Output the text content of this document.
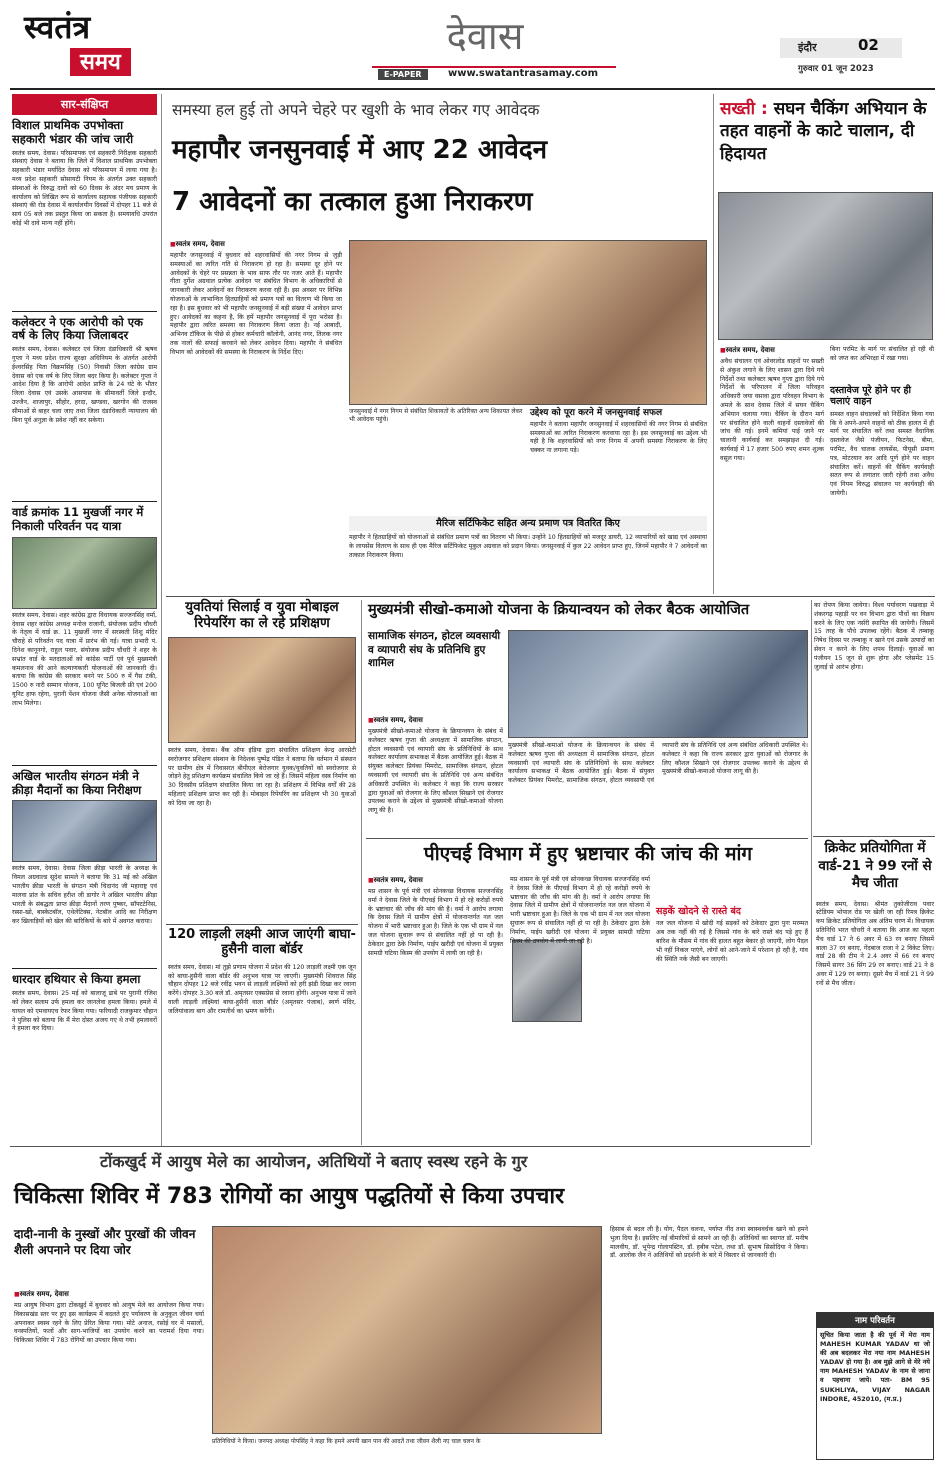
स्वतंत्र
समय
देवास
E-PAPER	www.swatantrasamay.com
इंदौर	02
गुरुवार 01 जून 2023
सार-संक्षिप्त
विशाल प्राथमिक उपभोक्ता सहकारी भंडार की जांच जारी
स्वतंत्र समय, देवास। परिसमापक एवं सहकारी निरीक्षक सहकारी संस्थाएं देवास ने बताया कि जिले में विशाल प्राथमिक उपभोक्ता सहकारी भंडार मर्यादित देवास को परिसमापन में लाया गया है। मध्य प्रदेश सहकारी सोसायटी नियम के अंतर्गत उक्त सहकारी संस्थाओं के विरुद्ध दावों को 60 दिवस के अंदर मय प्रमाण के कार्यालय को लिखित रूप से कार्यालय सहायक पंजीयक सहकारी संस्थाएं की रोड देवास में कार्यालयीन दिवसों में दोपहर 11 बजे से सायं 05 बजे तक प्रस्तुत किया जा सकता है। समयावधि उपरांत कोई भी दावे मान्य नहीं होंगे।
कलेक्टर ने एक आरोपी को एक वर्ष के लिए किया जिलाबदर
स्वतंत्र समय, देवास। कलेक्टर एवं जिला दंडाधिकारी श्री ऋषव गुप्ता ने मध्य प्रदेश राज्य सुरक्षा अधिनियम के अंतर्गत आरोपी ईश्वरसिंह पिता विक्रमसिंह (50) निवासी जिला कांग्रेस ग्राम देवास को एक वर्ष के लिए जिला बदर किया है। कलेक्टर गुप्ता ने आदेश दिया है कि आरोपी आदेश प्राप्ति के 24 घंटे के भीतर जिला देवास एवं उसके आसपास के सीमावर्ती जिले इन्दौर, उज्जैन, शाजापुर, सीहोर, हरदा, खण्डवा, खरगोन की राजस्व सीमाओं से बाहर चला जाए तथा जिला दंडाधिकारी न्यायालय की बिना पूर्व अनुज्ञा के प्रवेश नहीं कर सकेगा।
वार्ड क्रमांक 11 मुखर्जी नगर में निकाली परिवर्तन पद यात्रा
स्वतंत्र समय, देवास। शहर कांग्रेस द्वारा विधायक सज्जनसिंह वर्मा, देवास शहर कांग्रेस अध्यक्ष मनोज राजानी, संयोजक प्रदीप चौधरी के नेतृत्व में वार्ड क्र. 11 मुखर्जी नगर में सरस्वती शिशु मंदिर चौराहे से परिवर्तन पद यात्रा में प्रारंभ की गई। यात्रा प्रभारी पं. दिनेश कानूनगो, राहुल पवार, संयोजक प्रदीप चौधरी ने शहर के सभ्रांत वार्ड के मतदाताओं को कांग्रेस पार्टी एवं पूर्व मुख्यमंत्री कमलनाथ की आने कल्याणकारी योजनाओं की जानकारी दी। बताया कि कांग्रेस की सरकार बनने पर 500 रु में गैस टंकी, 1500 रु नारी सम्मान योजना, 100 यूनिट बिजली फ्री एवं 200 यूनिट हाफ रहेगा, पुरानी पेंशन योजना जैसी अनेक योजनाओं का लाभ मिलेगा।
अखिल भारतीय संगठन मंत्री ने क्रीड़ा मैदानों का किया निरीक्षण
स्वतंत्र समय, देवास। देवास जिला क्रीड़ा भारती के अध्यक्ष के विमल अग्रवाल्ड सूदेश सामले ने बताया कि 31 मई को अखिल भारतीय क्रीडा भारती के संगठन मंत्री चिदानंद जी महाराष्ट्र एवं मालवा प्रांत के सचिव हरीश जी डागोर ने अखिल भारतीय क्रीड़ा भारती के संबद्धता प्राप्त क्रीड़ा मैदानों तरण पुष्कर, सॉफ्टटेनिस, रस्सा-खो, बास्केटबॉल, एथेलेटिक्स, नेटबॉल आदि का निरीक्षण कर खिलाड़ियों को खेल की बारिकियों के बारे में अवगत कराया।
धारदार हथियार से किया हमला
स्वतंत्र समय, देवास। 25 मई को बालाजू ढाबे पर पुरानी रंजिश को लेकर सलाम उर्फ हमला कर जानलेवा हमला किया। हमले में घायल को एमवायएच रेफर किया गया। फरियादी राजकुमार चौहान ने पुलिस को बताया कि मैं मेरा दोस्त अजय गए थे तभी हमलावरों ने हमला कर दिया।
समस्या हल हुई तो अपने चेहरे पर खुशी के भाव लेकर गए आवेदक
महापौर जनसुनवाई में आए 22 आवेदन
7 आवेदनों का तत्काल हुआ निराकरण
■ स्वतंत्र समय, देवास
महापौर जनसुनवाई में बुधवार को शहरवासियों की नगर निगम से जुड़ी समस्याओं का त्वरित गति से निराकरण हो रहा है। समस्या दूर होने पर आवेदकों के चेहरे पर प्रसन्नता के भाव साफ तौर पर नजर आते हैं। महापौर गीता दुर्गेश अग्रवाल प्रत्येक आवेदन पर संबंधित विभाग के अधिकारियों से जानकारी लेकर आवेदनों का निराकरण करवा रही हैं। इस अवसर पर विभिन्न योजनाओं के लाभान्वित हितग्राहियों को प्रमाण पत्रों का वितरण भी किया जा रहा है। इस बुधवार को भी महापौर जनसुनवाई में बड़ी संख्या में आवेदन प्राप्त हुए। आवेदकों का कहना है, कि हमें महापौर जनसुनवाई में पूरा भरोसा है। महापौर द्वारा त्वरित समस्या का निराकरण किया जाता है। नई आबादी, अभिनव टॉकिज के पीछे से होकर कर्मचारी कॉलोनी, आनंद नगर, तिलक नगर तक नालों की सफाई करवाने को लेकर आवेदन दिया। महापौर ने संबंधित विभाग को आवेदकों की समस्या के निराकरण के निर्देश दिए।
जनसुनवाई में नगर निगम से संबंधित शिकायतों के अतिरिक्त अन्य शिकायत लेकर भी आवेदक पहुंचे।
उद्देश्य को पूरा करने में जनसुनवाई सफल
महापौर ने बताया महापौर जनसुनवाई में शहरवासियों की नगर निगम से संबंधित समस्याओं का त्वरित निराकरण करवाया रहा है। इस जनसुनवाई का उद्देश्य भी यही है कि शहरवासियों को नगर निगम में अपनी समस्या निराकरण के लिए चक्कर ना लगाना पड़े।
मैरिज सर्टिफिकेट सहित अन्य प्रमाण पत्र वितरित किए
महापौर ने हितग्राहियों को योजनाओं से संबंधित प्रमाण पत्रों का वितरण भी किया। उन्होंने 10 हितग्राहियों को मजदूर डायरी, 12 व्यापारियों को खाद्य एवं अस्थाया के लायसेंस वितरण के साथ ही एक मैरिज सर्टिफिकेट मुकुल अग्रवाल को प्रदान किया। जनसुनवाई में कुल 22 आवेदन प्राप्त हुए, जिनमें महापौर ने 7 आवेदनों का तत्काल निराकरण किया।
सख्ती : सघन चैकिंग अभियान के तहत वाहनों के काटे चालान, दी हिदायत
■ स्वतंत्र समय, देवास
अवैध संचालन एवं ओवरलोड वाहनों पर सख्ती से अंकुश लगाने के लिए शासन द्वारा दिये गये निर्देशों तथा कलेक्टर ऋषव गुप्ता द्वारा दिये गये निर्देशों के परिपालन में जिला परिवहन अधिकारी जया वसावा द्वारा परिवहन विभाग के अमले के साथ देवास जिले में सघन चैकिंग अभियान चलाया गया। चैकिंग के दौरान मार्ग पर संचालित होने वाली वाहनों दस्तावेजों की जांच की गई। इनमें कमियां पाई जाने पर चालानी कार्यवाई कर समझाइश दी गई। कार्यवाई में 17 हजार 500 रुपए शमन शुल्क वसूल गया।
बिना परमिट के मार्ग पर संचालित हो रही थी को जप्त कर अभिरक्षा में रखा गया।
दस्तावेज पूरे होने पर ही चलाएं वाहन
समस्त वाहन संचालकों को निर्देशित किया गया कि वे अपने-अपने वाहनों को ठीक हालत में ही मार्ग पर संचालित करें तथा समस्त वैधानिक दस्तावेज जैसे पंजीयन, फिटनेस, बीमा, परमिट, वैध चालक लायसेंस, पीयूसी प्रमाण पत्र, मोटरयान कर आदि पूर्ण होने पर वाहन संचालित करें। वाहनों की चैकिंग कार्यवाही सतत रूप से लगातार जारी रहेगी तथा अवैध एवं नियम विरुद्ध संचालन पर कार्यवाही की जायेगी।
युवतियां सिलाई व युवा मोबाइल रिपेयरिंग का ले रहे प्रशिक्षण
स्वतंत्र समय, देवास। बैंक ऑफ इंडिया द्वारा संचालित प्रशिक्षण केन्द्र आरसेटी स्वरोजगार प्रशिक्षण संस्थान के निदेशक पुष्पेंद्र पंडित ने बताया कि वर्तमान में संस्थान पर ग्रामीण क्षेत्र में निवासरत बीपीएल बेरोजगार युवक/युवतियों को स्वरोजगार से जोड़ने हेतु प्रशिक्षण कार्यक्रम संचालित किये जा रहे हैं। जिसमें महिला वस्त्र निर्माण का 30 दिवसीय प्रशिक्षण संचालित किया जा रहा है। प्रशिक्षण में विभिन्न वर्गों की 28 महिलाएं प्रशिक्षण प्राप्त कर रही है। मोबाइल रिपेयरिंग का प्रशिक्षण भी 30 युवाओं को दिया जा रहा है।
120 लाड़ली लक्ष्मी आज जाएंगी बाघा-हुसैनी वाला बॉर्डर
स्वतंत्र समय, देवास। मां तुझे प्रणाम योजना में प्रदेश की 120 लाड़ली लक्ष्मी एक जून को बाघा-हुसैनी वाला बॉर्डर की अनुभव यात्रा पर जाएगी। मुख्यमंत्री शिवराज सिंह चौहान दोपहर 12 बजे रवींद्र भवन से लाड़ली लक्ष्मियों को हरी झंडी दिखा कर रवाना करेंगे। दोपहर 3.30 बजे डॉ. अमृतसर एक्सप्रेस से रवाना होंगी। अनुभव यात्रा में जाने वाली लाड़ली लक्ष्मियां बाघा-हुसैनी वाला बॉर्डर (अमृतसर पंजाब), स्वर्ण मंदिर, जलियांवाला बाग और रामतीर्थ का भ्रमण करेंगी।
मुख्यमंत्री सीखो-कमाओ योजना के क्रियान्वयन को लेकर बैठक आयोजित
सामाजिक संगठन, होटल व्यवसायी व व्यापारी संघ के प्रतिनिधि हुए शामिल
■ स्वतंत्र समय, देवास
मुख्यमंत्री सीखो-कमाओ योजना के क्रियान्वयन के संबंध में कलेक्टर ऋषव गुप्ता की अध्यक्षता में सामाजिक संगठन, होटल व्यवसायी एवं व्यापारी संघ के प्रतिनिधियों के साथ कलेक्टर कार्यालय सभाकक्ष में बैठक आयोजित हुई। बैठक में संयुक्त कलेक्टर प्रियंका मिमरोट, सामाजिक संगठन, होटल व्यवसायी एवं व्यापारी संघ के प्रतिनिधि एवं अन्य संबंधित अधिकारी उपस्थित थे। कलेक्टर ने कहा कि राज्य सरकार द्वारा युवाओं को रोजगार के लिए कौशल सिखाने एवं रोजगार उपलब्ध कराने के उद्देश्य से मुख्यमंत्री सीखो-कमाओ योजना लागू की है।
मुख्यमंत्री सीखो-कमाओ योजना के क्रियान्वयन के संबंध में कलेक्टर ऋषव गुप्ता की अध्यक्षता में सामाजिक संगठन, होटल व्यवसायी एवं व्यापारी संघ के प्रतिनिधियों के साथ कलेक्टर कार्यालय सभाकक्ष में बैठक आयोजित हुई। बैठक में संयुक्त कलेक्टर प्रियंका मिमरोट, सामाजिक संगठन, होटल व्यवसायी एवं व्यापारी संघ के प्रतिनिधि एवं अन्य संबंधित अधिकारी उपस्थित थे। कलेक्टर ने कहा कि राज्य सरकार द्वारा युवाओं को रोजगार के लिए कौशल सिखाने एवं रोजगार उपलब्ध कराने के उद्देश्य से मुख्यमंत्री सीखो-कमाओ योजना लागू की है।
का रोपण किया जायेगा। विश्व पर्यावरण पखवाड़ा में शंकरगढ़ पहाड़ी पर वन विभाग द्वारा पौधों का विक्रय करने के लिए एक नर्सरी स्थापित की जायेगी। जिसमें 15 तरह के पौधे उपलब्ध रहेंगे। बैठक में तम्बाकू निषेध दिवस पर तम्बाकू न खाने एवं उसके उत्पादों का सेवन न करने के लिए शपथ दिलाई। युवाओं का पंजीयन 15 जून से शुरू होगा और प्लेसमेंट 15 जुलाई से आरंभ होगा।
पीएचई विभाग में हुए भ्रष्टाचार की जांच की मांग
■ स्वतंत्र समय, देवास
मप्र शासन के पूर्व मंत्री एवं सोनकच्छ विधायक सज्जनसिंह वर्मा ने देवास जिले के पीएचई विभाग में हो रहे करोड़ों रुपये के भ्रष्टाचार की जाँच की मांग की है। वर्मा ने आरोप लगाया कि देवास जिले में ग्रामीण क्षेत्रों में योजनान्तर्गत नल जल योजना में भारी भ्रष्टाचार हुआ है। जिले के एक भी ग्राम में नल जल योजना सुचारू रूप से संचालित नहीं हो पा रही है। ठेकेदार द्वारा ठेके निर्माण, पाईप खरीदी एवं योजना में प्रयुक्त सामग्री घटिया किस्म की उपयोग में लायी जा रही है।
मप्र शासन के पूर्व मंत्री एवं सोनकच्छ विधायक सज्जनसिंह वर्मा ने देवास जिले के पीएचई विभाग में हो रहे करोड़ों रुपये के भ्रष्टाचार की जाँच की मांग की है। वर्मा ने आरोप लगाया कि देवास जिले में ग्रामीण क्षेत्रों में योजनान्तर्गत नल जल योजना में भारी भ्रष्टाचार हुआ है। जिले के एक भी ग्राम में नल जल योजना सुचारू रूप से संचालित नहीं हो पा रही है। ठेकेदार द्वारा ठेके निर्माण, पाईप खरीदी एवं योजना में प्रयुक्त सामग्री घटिया किस्म की उपयोग में लायी जा रही है।
सड़कें खोदने से रास्ते बंद
नल जल योजना में खोदी गई सड़कों को ठेकेदार द्वारा पुनः मरम्मत अब तक नहीं की गई है जिससे गांव के बारे रास्ते बंद पड़े हुए हैं बारिश के मौसम में गांव की हालत बहुत बेकार हो जाएगी, लोग पैदल भी नहीं निकल पाएंगे, लोगों को आने-जाने में परेशान हो रही है, गांव की स्थिति नर्क जैसी बन जाएगी।
क्रिकेट प्रतियोगिता में वार्ड-21 ने 99 रनों से मैच जीता
स्वतंत्र समय, देवास। श्रीमंत तुकोजीराव पवार स्टेडियम भोपाल रोड पर खेली जा रही रिमत्र क्रिकेट कप क्रिकेट प्रतियोगिता अब अंतिम चरण में। विधायक प्रतिनिधि भरत चौधरी ने बताया कि आज का पहला मैच वार्ड 17 ने 6 अवर में 63 रन बनाए जिसमें बाला 37 रन बनाए, गेंदबाज राजा ने 2 विकेट लिए। वार्ड 28 की टीम ने 2.4 अवर में 66 रन बनाए जिसमें सागर 36 सिंग 29 रन बनाए। वार्ड 21 ने 8 अवर में 129 रन बनाए। दूसरे मैच में वार्ड 21 ने 99 रनों से मैच जीता।
टोंकखुर्द में आयुष मेले का आयोजन, अतिथियों ने बताए स्वस्थ रहने के गुर
चिकित्सा शिविर में 783 रोगियों का आयुष पद्धतियों से किया उपचार
दादी-नानी के नुस्खों और पुरखों की जीवन शैली अपनाने पर दिया जोर
■ स्वतंत्र समय, देवास
मप्र आयुष विभाग द्वारा टोंकखुर्द में बुधवार को आयुष मेले का आयोजन किया गया। विकासखंड स्तर पर हुए इस कार्यक्रम में बदलते हुए पर्यावरण के अनुकूल जीवन चर्या अपनाकर स्वस्थ रहने के लिए प्रेरित किया गया। मोटे अनाज, रसोई घर में मसालों, वनस्पतियों, फलों और साग-भाजियों का उपयोग करने का परामर्श दिया गया। चिकित्सा शिविर में 783 रोगियों का उपचार किया गया।
प्रतिनिधियों ने किया। जनपद अध्यक्ष पोपसिंह ने कहा कि हमने अपनी खान पान की आदतें तथा जीवन शैली नए चाल चलन के
हिसाब से बदल ली है। योग, पैदल चलना, पर्याप्त नींद तथा स्वास्थवर्धक खाने को हमने भुला दिया है। इसलिए नई बीमारियों से सामने आ रही हैं। अतिथियों का स्वागत डॉ. मनीष मालवीय, डॉ. भूपेन्द्र गोलापस्टिन, डॉ. हबीब पटेल, तथा डॉ. सुभाष सिसोदिया ने किया। डॉ. आलोक जैन ने अतिथियों को प्रदर्शनी के बारे में विस्तार से जानकारी दी।
नाम परिवर्तन
सूचित किया जाता है की पूर्व में मेरा नाम MAHESH KUMAR YADAV था जो की अब बदलकर मेरा नया नाम MAHESH YADAV हो गया है। अब मुझे आगे से मेरे नये नाम MAHESH YADAV के नाम से जाना व पहचाना जाये। पता- BM 95 SUKHLIYA, VIJAY NAGAR INDORE, 452010, (म.प्र.)
